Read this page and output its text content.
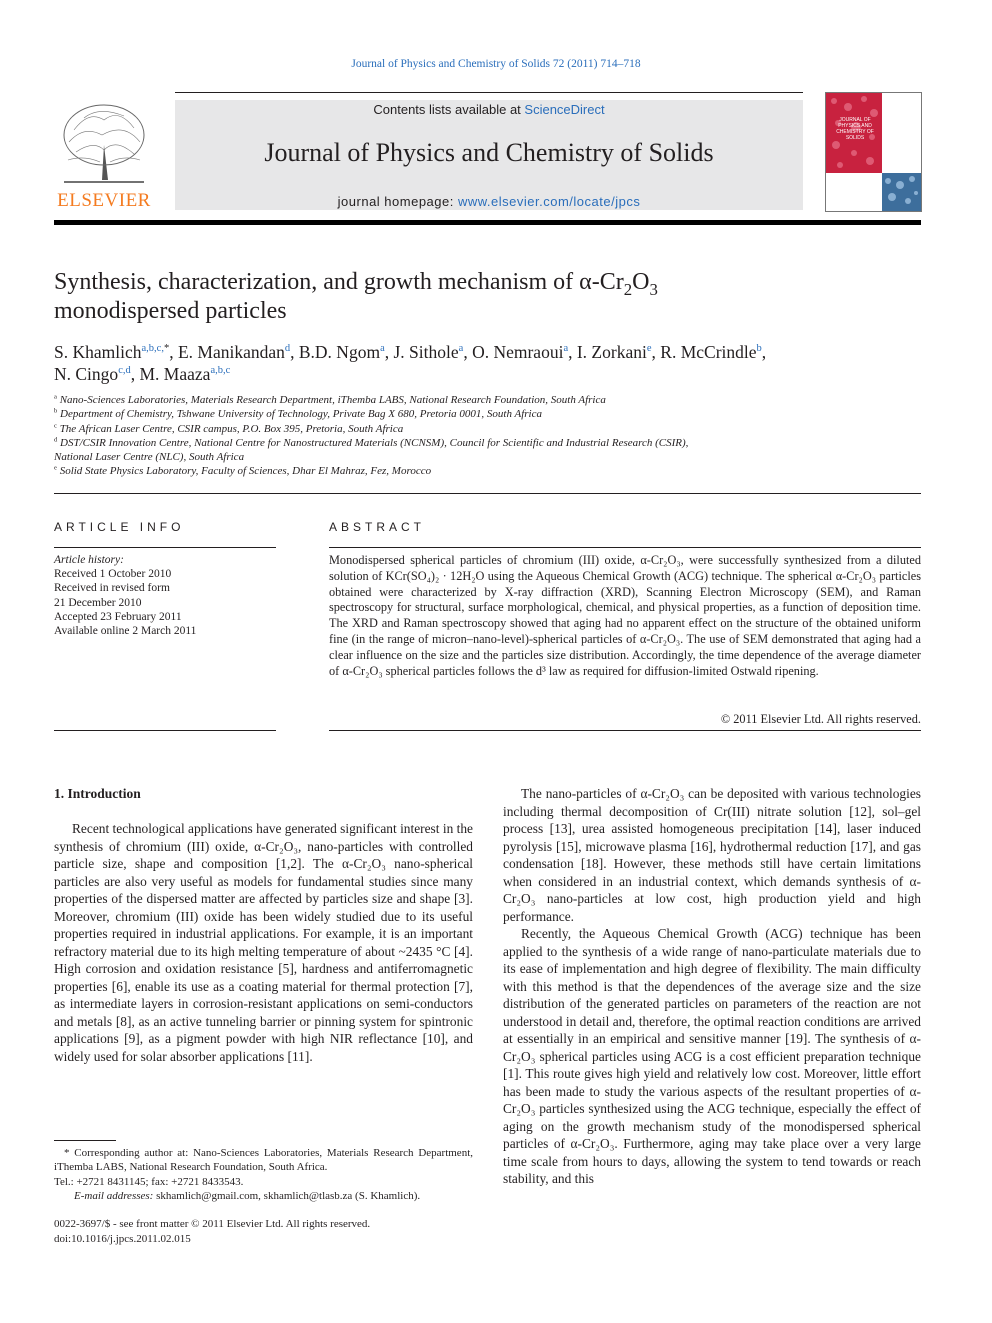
Journal of Physics and Chemistry of Solids 72 (2011) 714–718
ELSEVIER
Contents lists available at ScienceDirect
Journal of Physics and Chemistry of Solids
journal homepage: www.elsevier.com/locate/jpcs
JOURNAL OF PHYSICS AND CHEMISTRY OF SOLIDS
Synthesis, characterization, and growth mechanism of $\alpha-Cr_2O_3$
monodispersed particles
S. Khamlich$^{a,b,c,*}$, E. Manikandan$^d$, B.D. Ngom$^a$, J. Sithole$^a$, O. Nemraoui$^a$, I. Zorkani$^e$, R. McCrindle$^b$,
N. Cingo$^{c,d}$, M. Maaza$^{a,b,c}$
$^a$ Nano-Sciences Laboratories, Materials Research Department, iThemba LABS, National Research Foundation, South Africa
$^b$ Department of Chemistry, Tshwane University of Technology, Private Bag X 680, Pretoria 0001, South Africa
$^c$ The African Laser Centre, CSIR campus, P.O. Box 395, Pretoria, South Africa
$^d$ DST/CSIR Innovation Centre, National Centre for Nanostructured Materials (NCNSM), Council for Scientific and Industrial Research (CSIR),
National Laser Centre (NLC), South Africa
$^e$ Solid State Physics Laboratory, Faculty of Sciences, Dhar El Mahraz, Fez, Morocco
ARTICLE INFO
Article history:
Received 1 October 2010
Received in revised form
21 December 2010
Accepted 23 February 2011
Available online 2 March 2011
ABSTRACT
Monodispersed spherical particles of chromium (III) oxide, α-Cr₂O₃, were successfully synthesized from a diluted solution of KCr(SO₄)₂ · 12H₂O using the Aqueous Chemical Growth (ACG) technique. The spherical α-Cr₂O₃ particles obtained were characterized by X-ray diffraction (XRD), Scanning Electron Microscopy (SEM), and Raman spectroscopy for structural, surface morphological, chemical, and physical properties, as a function of deposition time. The XRD and Raman spectroscopy showed that aging had no apparent effect on the structure of the obtained uniform fine (in the range of micron–nano-level)-spherical particles of α-Cr₂O₃. The use of SEM demonstrated that aging had a clear influence on the size and the particles size distribution. Accordingly, the time dependence of the average diameter of α-Cr₂O₃ spherical particles follows the d³ law as required for diffusion-limited Ostwald ripening.
© 2011 Elsevier Ltd. All rights reserved.
1. Introduction

Recent technological applications have generated significant interest in the synthesis of chromium (III) oxide, α-Cr₂O₃, nano-particles with controlled particle size, shape and composition [1,2]. The α-Cr₂O₃ nano-spherical particles are also very useful as models for fundamental studies since many properties of the dispersed matter are affected by particles size and shape [3]. Moreover, chromium (III) oxide has been widely studied due to its useful properties required in industrial applications. For example, it is an important refractory material due to its high melting temperature of about ~2435 °C [4]. High corrosion and oxidation resistance [5], hardness and antiferromagnetic properties [6], enable its use as a coating material for thermal protection [7], as intermediate layers in corrosion-resistant applications on semi-conductors and metals [8], as an active tunneling barrier or pinning system for spintronic applications [9], as a pigment powder with high NIR reflectance [10], and widely used for solar absorber applications [11].

The nano-particles of α-Cr₂O₃ can be deposited with various technologies including thermal decomposition of Cr(III) nitrate solution [12], sol–gel process [13], urea assisted homogeneous precipitation [14], laser induced pyrolysis [15], microwave plasma [16], hydrothermal reduction [17], and gas condensation [18]. However, these methods still have certain limitations when considered in an industrial context, which demands synthesis of α-Cr₂O₃ nano-particles at low cost, high production yield and high performance.

Recently, the Aqueous Chemical Growth (ACG) technique has been applied to the synthesis of a wide range of nano-particulate materials due to its ease of implementation and high degree of flexibility. The main difficulty with this method is that the dependences of the average size and the size distribution of the generated particles on parameters of the reaction are not understood in detail and, therefore, the optimal reaction conditions are arrived at essentially in an empirical and sensitive manner [19]. The synthesis of α-Cr₂O₃ spherical particles using ACG is a cost efficient preparation technique [1]. This route gives high yield and relatively low cost. Moreover, little effort has been made to study the various aspects of the resultant properties of α-Cr₂O₃ particles synthesized using the ACG technique, especially the effect of aging on the growth mechanism study of the monodispersed spherical particles of α-Cr₂O₃. Furthermore, aging may take place over a very large time scale from hours to days, allowing the system to tend towards or reach stability, and this

* Corresponding author at: Nano-Sciences Laboratories, Materials Research Department, iThemba LABS, National Research Foundation, South Africa.
Tel.: +2721 8431145; fax: +2721 8433543.
E-mail addresses: skhamlich@gmail.com, skhamlich@tlasb.za (S. Khamlich).
0022-3697/$ - see front matter © 2011 Elsevier Ltd. All rights reserved.
doi:10.1016/j.jpcs.2011.02.015
